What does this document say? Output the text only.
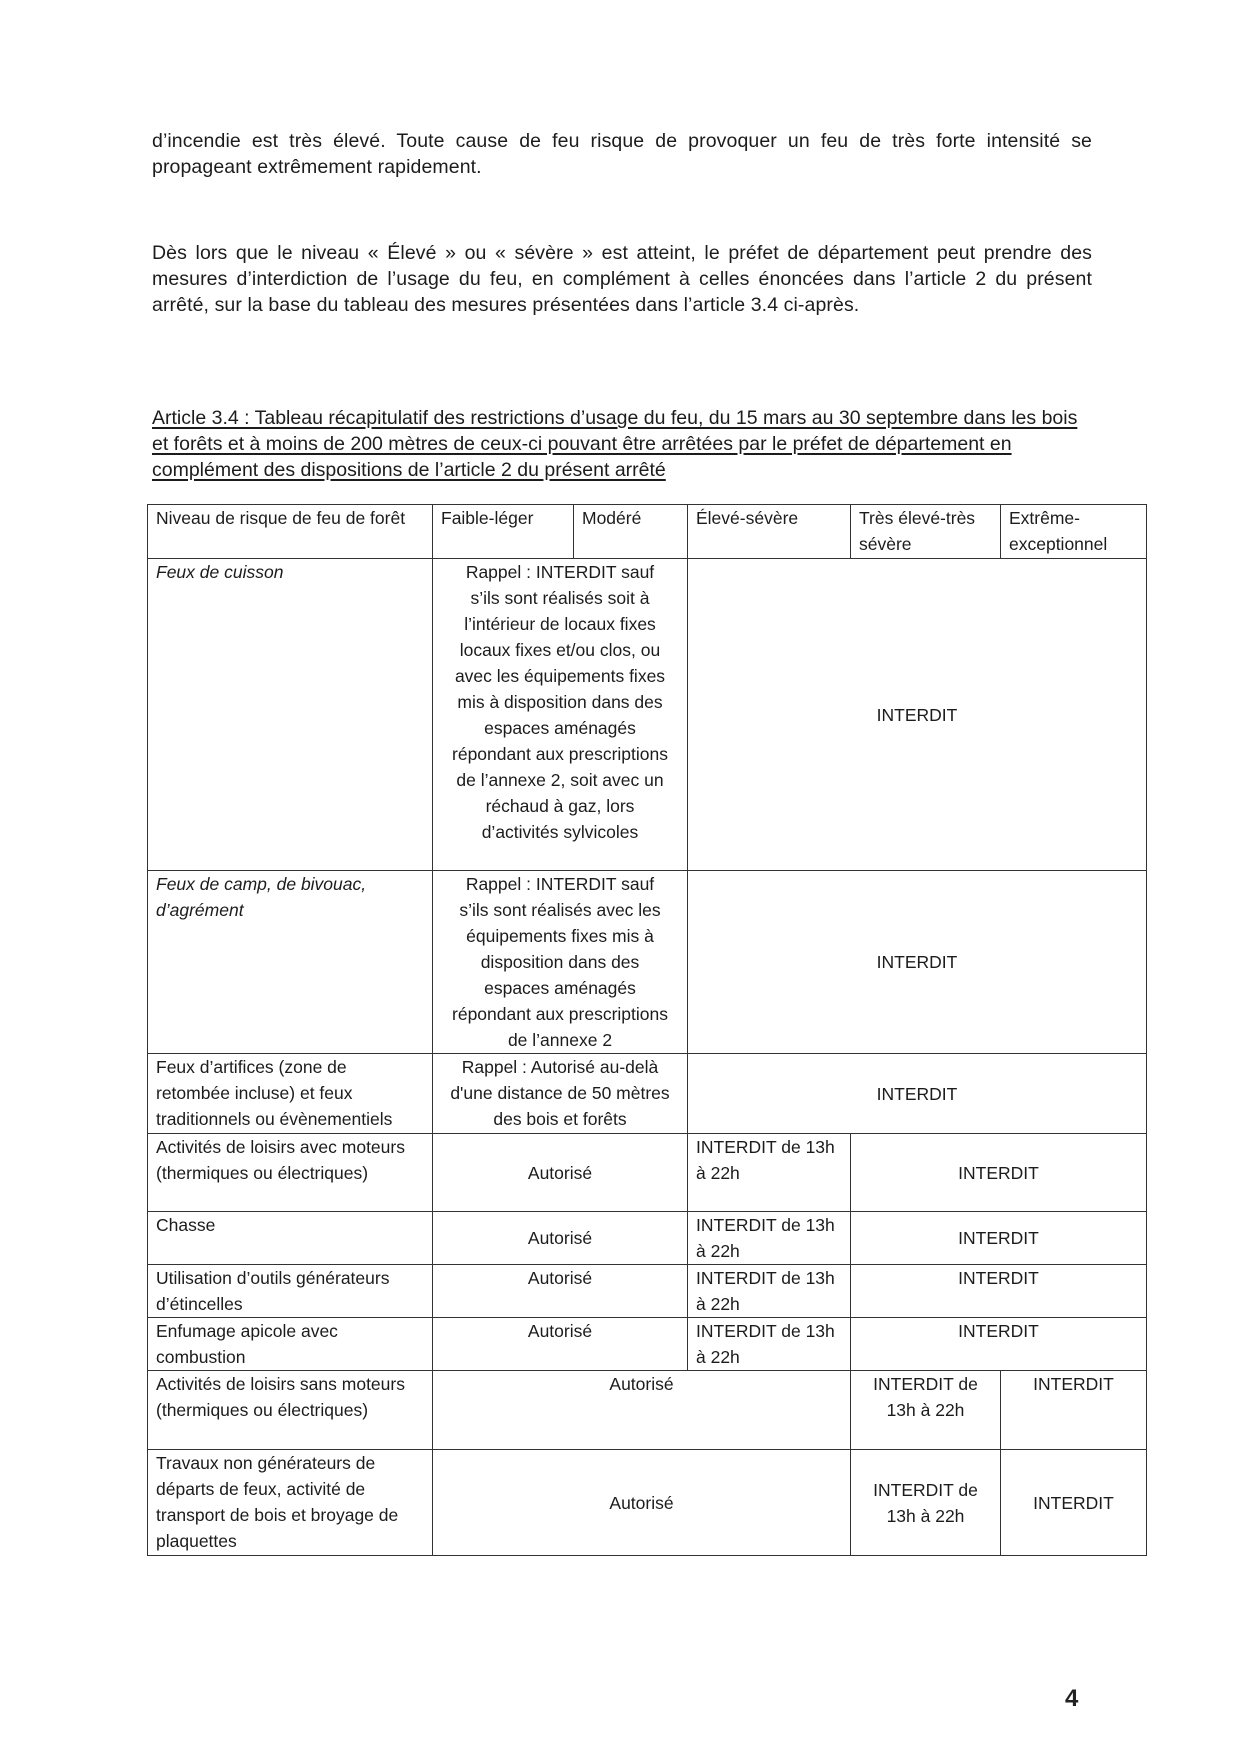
d’incendie est très élevé. Toute cause de feu risque de provoquer un feu de très forte intensité se propageant extrêmement rapidement.
Dès lors que le niveau « Élevé » ou « sévère » est atteint, le préfet de département peut prendre des mesures d’interdiction de l’usage du feu, en complément à celles énoncées dans l’article 2 du présent arrêté, sur la base du tableau des mesures présentées dans l’article 3.4 ci-après.
Article 3.4 : Tableau récapitulatif des restrictions d’usage du feu, du 15 mars au 30 septembre dans les bois et forêts et à moins de 200 mètres de ceux-ci pouvant être arrêtées par le préfet de département en complément des dispositions de l’article 2 du présent arrêté
Niveau de risque de feu de forêt	Faible-léger	Modéré	Élevé-sévère	Très élevé-très sévère	Extrême-exceptionnel
Feux de cuisson	Rappel : INTERDIT sauf s’ils sont réalisés soit à l’intérieur de locaux fixes locaux fixes et/ou clos, ou avec les équipements fixes mis à disposition dans des espaces aménagés répondant aux prescriptions de l’annexe 2, soit avec un réchaud à gaz, lors d’activités sylvicoles		INTERDIT		
Feux de camp, de bivouac, d’agrément	Rappel : INTERDIT sauf s’ils sont réalisés avec les équipements fixes mis à disposition dans des espaces aménagés répondant aux prescriptions de l’annexe 2		INTERDIT		
Feux d’artifices (zone de retombée incluse) et feux traditionnels ou évènementiels	Rappel : Autorisé au-delà d'une distance de 50 mètres des bois et forêts		INTERDIT		
Activités de loisirs avec moteurs (thermiques ou électriques)	Autorisé		INTERDIT de 13h à 22h	INTERDIT	
Chasse	Autorisé		INTERDIT de 13h à 22h	INTERDIT	
Utilisation d’outils générateurs d’étincelles	Autorisé		INTERDIT de 13h à 22h	INTERDIT	
Enfumage apicole avec combustion	Autorisé		INTERDIT de 13h à 22h	INTERDIT	
Activités de loisirs sans moteurs (thermiques ou électriques)	Autorisé			INTERDIT de 13h à 22h	INTERDIT
Travaux non générateurs de départs de feux, activité de transport de bois et broyage de plaquettes	Autorisé			INTERDIT de 13h à 22h	INTERDIT
4
